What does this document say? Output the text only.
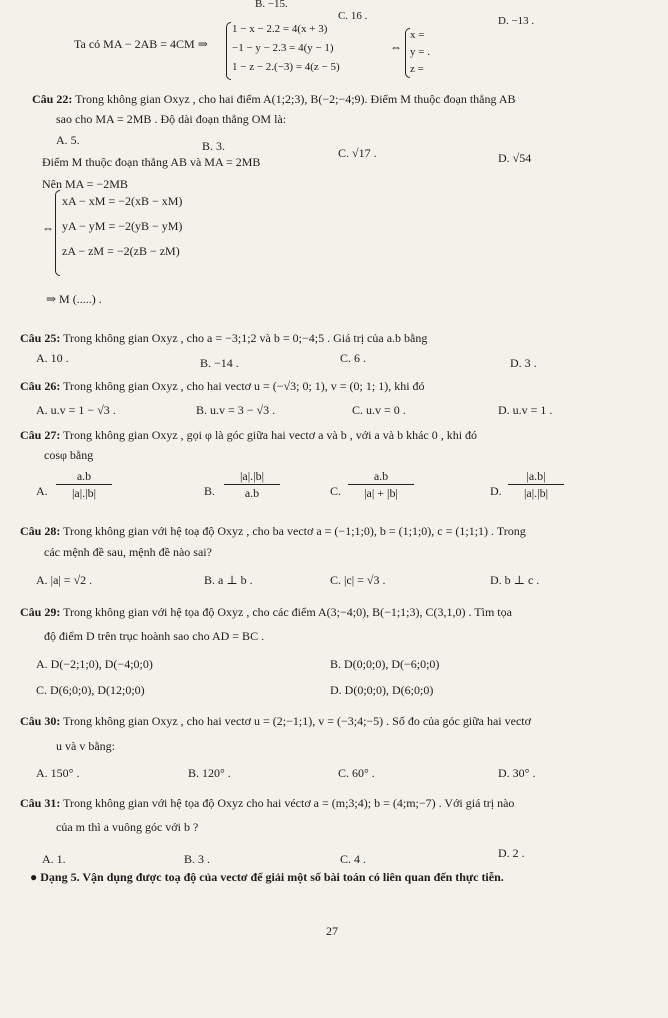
B. −15.
C. 16 .	D. −13 .
Ta có MA − 2AB = 4CM ⇒
1 − x − 2.2 = 4(x + 3)
−1 − y − 2.3 = 4(y − 1)
1 − z − 2.(−3) = 4(z − 5)
⇔
x =
y = .
z =
Câu 22: Trong không gian Oxyz , cho hai điểm A(1;2;3), B(−2;−4;9). Điểm M thuộc đoạn thẳng AB
sao cho MA = 2MB . Độ dài đoạn thẳng OM là:
A. 5.	B. 3.	C. √17 .	D. √54
Điểm M thuộc đoạn thẳng AB và MA = 2MB
Nên MA = −2MB
⇔
xA − xM = −2(xB − xM)
yA − yM = −2(yB − yM)
zA − zM = −2(zB − zM)
⇒ M (.....) .
Câu 25: Trong không gian Oxyz , cho a = −3;1;2 và b = 0;−4;5 . Giá trị của a.b bằng
A. 10 .	B. −14 .	C. 6 .	D. 3 .
Câu 26: Trong không gian Oxyz , cho hai vectơ u = (−√3; 0; 1), v = (0; 1; 1), khi đó
A. u.v = 1 − √3 .	B. u.v = 3 − √3 .	C. u.v = 0 .	D. u.v = 1 .
Câu 27: Trong không gian Oxyz , gọi φ là góc giữa hai vectơ a và b , với a và b khác 0 , khi đó
cosφ bằng
A.
a.b
|a|.|b|	B.
|a|.|b|
a.b	C.
a.b
|a| + |b|	D.
|a.b|
|a|.|b|
Câu 28: Trong không gian với hệ toạ độ Oxyz , cho ba vectơ a = (−1;1;0), b = (1;1;0), c = (1;1;1) . Trong
các mệnh đề sau, mệnh đề nào sai?
A. |a| = √2 .	B. a ⊥ b .	C. |c| = √3 .	D. b ⊥ c .
Câu 29: Trong không gian với hệ tọa độ Oxyz , cho các điểm A(3;−4;0), B(−1;1;3), C(3,1,0) . Tìm tọa
độ điểm D trên trục hoành sao cho AD = BC .
A. D(−2;1;0), D(−4;0;0)	B. D(0;0;0), D(−6;0;0)
C. D(6;0;0), D(12;0;0)	D. D(0;0;0), D(6;0;0)
Câu 30: Trong không gian Oxyz , cho hai vectơ u = (2;−1;1), v = (−3;4;−5) . Số đo của góc giữa hai vectơ
u và v bằng:
A. 150° .	B. 120° .	C. 60° .	D. 30° .
Câu 31: Trong không gian với hệ tọa độ Oxyz cho hai véctơ a = (m;3;4); b = (4;m;−7) . Với giá trị nào
của m thì a vuông góc với b ?
A. 1.	B. 3 .	C. 4 .	D. 2 .
● Dạng 5. Vận dụng được toạ độ của vectơ để giải một số bài toán có liên quan đến thực tiễn.
27
